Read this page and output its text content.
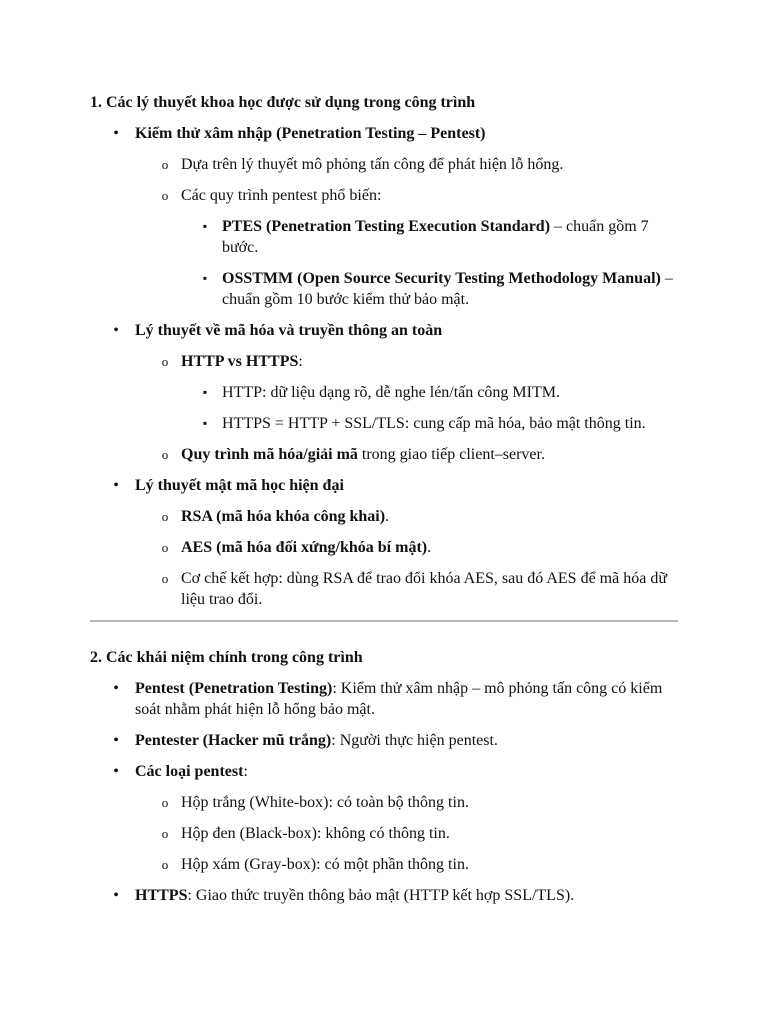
1. Các lý thuyết khoa học được sử dụng trong công trình
•	Kiểm thử xâm nhập (Penetration Testing – Pentest)
o Dựa trên lý thuyết mô phỏng tấn công để phát hiện lỗ hổng.
o Các quy trình pentest phổ biến:
▪ PTES (Penetration Testing Execution Standard) – chuẩn gồm 7 bước.
▪ OSSTMM (Open Source Security Testing Methodology Manual) – chuẩn gồm 10 bước kiểm thử bảo mật.
•	Lý thuyết về mã hóa và truyền thông an toàn
o HTTP vs HTTPS:
▪ HTTP: dữ liệu dạng rõ, dễ nghe lén/tấn công MITM.
▪ HTTPS = HTTP + SSL/TLS: cung cấp mã hóa, bảo mật thông tin.
o Quy trình mã hóa/giải mã trong giao tiếp client–server.
•	Lý thuyết mật mã học hiện đại
o RSA (mã hóa khóa công khai).
o AES (mã hóa đối xứng/khóa bí mật).
o Cơ chế kết hợp: dùng RSA để trao đổi khóa AES, sau đó AES để mã hóa dữ liệu trao đổi.
2. Các khái niệm chính trong công trình
•	Pentest (Penetration Testing): Kiểm thử xâm nhập – mô phỏng tấn công có kiểm soát nhằm phát hiện lỗ hổng bảo mật.
•	Pentester (Hacker mũ trắng): Người thực hiện pentest.
•	Các loại pentest:
o Hộp trắng (White-box): có toàn bộ thông tin.
o Hộp đen (Black-box): không có thông tin.
o Hộp xám (Gray-box): có một phần thông tin.
•	HTTPS: Giao thức truyền thông bảo mật (HTTP kết hợp SSL/TLS).
